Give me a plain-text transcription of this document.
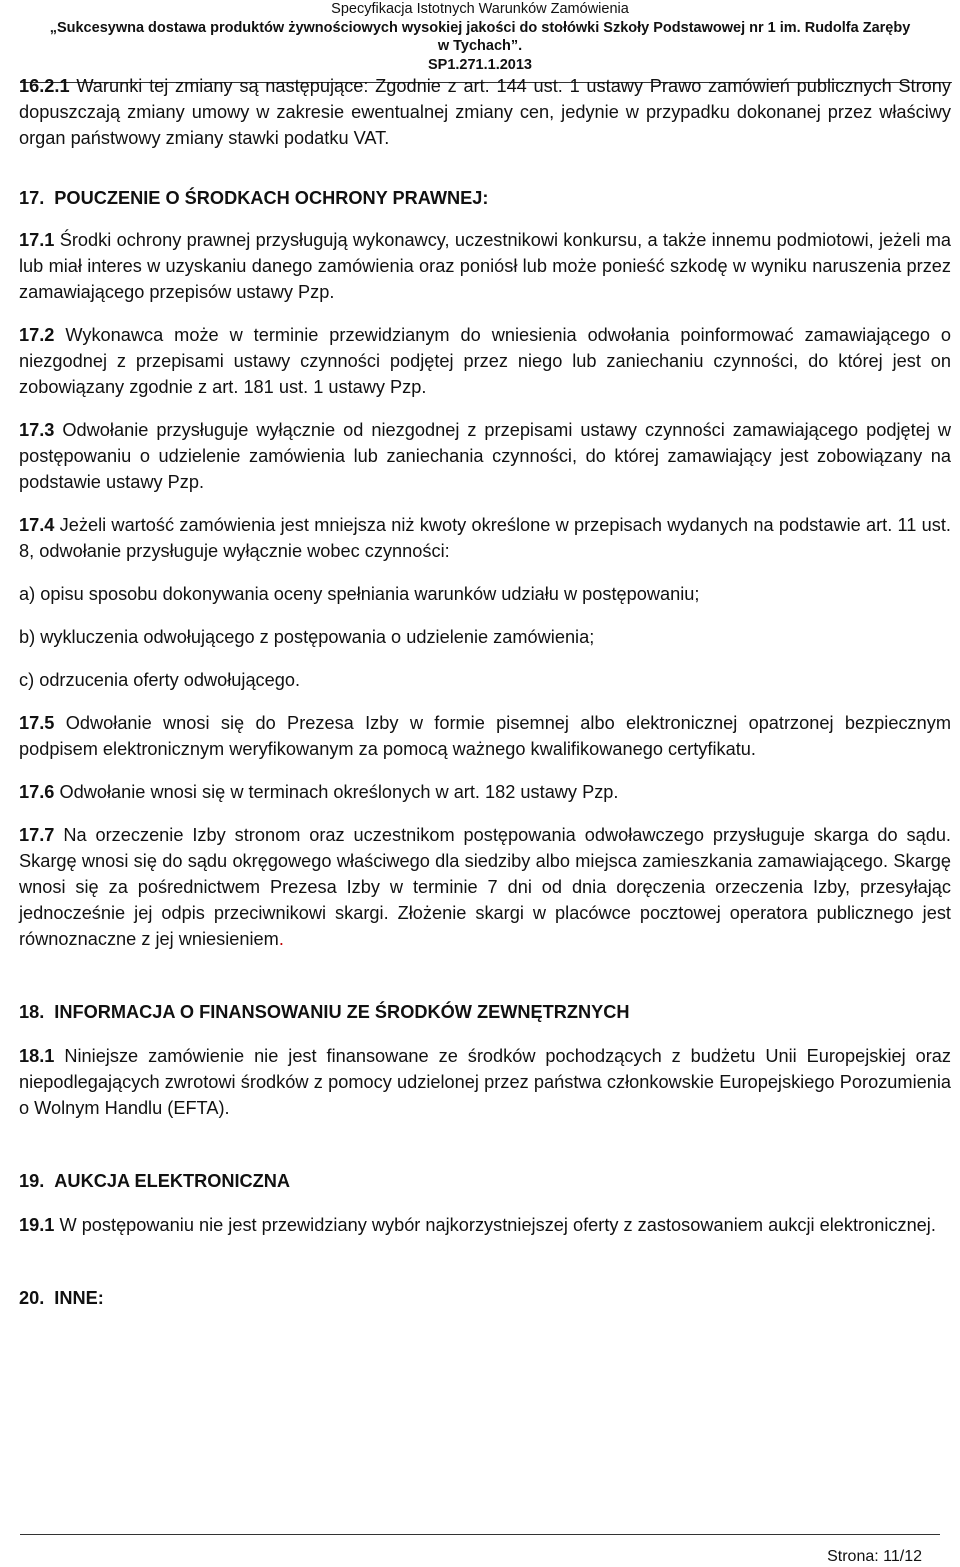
Specyfikacja Istotnych Warunków Zamówienia
„Sukcesywna dostawa produktów żywnościowych wysokiej jakości do stołówki Szkoły Podstawowej nr 1 im. Rudolfa Zaręby
w Tychach”.
SP1.271.1.2013

16.2.1 Warunki tej zmiany są następujące: Zgodnie z art. 144 ust. 1 ustawy Prawo zamówień publicznych Strony dopuszczają zmiany umowy w zakresie ewentualnej zmiany cen, jedynie w przypadku dokonanej przez właściwy organ państwowy zmiany stawki podatku VAT.

17. POUCZENIE O ŚRODKACH OCHRONY PRAWNEJ:

17.1 Środki ochrony prawnej przysługują wykonawcy, uczestnikowi konkursu, a także innemu podmiotowi, jeżeli ma lub miał interes w uzyskaniu danego zamówienia oraz poniósł lub może ponieść szkodę w wyniku naruszenia przez zamawiającego przepisów ustawy Pzp.

17.2 Wykonawca może w terminie przewidzianym do wniesienia odwołania poinformować zamawiającego o niezgodnej z przepisami ustawy czynności podjętej przez niego lub zaniechaniu czynności, do której jest on zobowiązany zgodnie z art. 181 ust. 1 ustawy Pzp.

17.3 Odwołanie przysługuje wyłącznie od niezgodnej z przepisami ustawy czynności zamawiającego podjętej w postępowaniu o udzielenie zamówienia lub zaniechania czynności, do której zamawiający jest zobowiązany na podstawie ustawy Pzp.

17.4 Jeżeli wartość zamówienia jest mniejsza niż kwoty określone w przepisach wydanych na podstawie art. 11 ust. 8, odwołanie przysługuje wyłącznie wobec czynności:

a) opisu sposobu dokonywania oceny spełniania warunków udziału w postępowaniu;

b) wykluczenia odwołującego z postępowania o udzielenie zamówienia;

c) odrzucenia oferty odwołującego.

17.5 Odwołanie wnosi się do Prezesa Izby w formie pisemnej albo elektronicznej opatrzonej bezpiecznym podpisem elektronicznym weryfikowanym za pomocą ważnego kwalifikowanego certyfikatu.

17.6 Odwołanie wnosi się w terminach określonych w art. 182 ustawy Pzp.

17.7 Na orzeczenie Izby stronom oraz uczestnikom postępowania odwoławczego przysługuje skarga do sądu. Skargę wnosi się do sądu okręgowego właściwego dla siedziby albo miejsca zamieszkania zamawiającego. Skargę wnosi się za pośrednictwem Prezesa Izby w terminie 7 dni od dnia doręczenia orzeczenia Izby, przesyłając jednocześnie jej odpis przeciwnikowi skargi. Złożenie skargi w placówce pocztowej operatora publicznego jest równoznaczne z jej wniesieniem.

18. INFORMACJA O FINANSOWANIU ZE ŚRODKÓW ZEWNĘTRZNYCH

18.1 Niniejsze zamówienie nie jest finansowane ze środków pochodzących z budżetu Unii Europejskiej oraz niepodlegających zwrotowi środków z pomocy udzielonej przez państwa członkowskie Europejskiego Porozumienia o Wolnym Handlu (EFTA).

19. AUKCJA ELEKTRONICZNA

19.1 W postępowaniu nie jest przewidziany wybór najkorzystniejszej oferty z zastosowaniem aukcji elektronicznej.

20. INNE:

Strona: 11/12
